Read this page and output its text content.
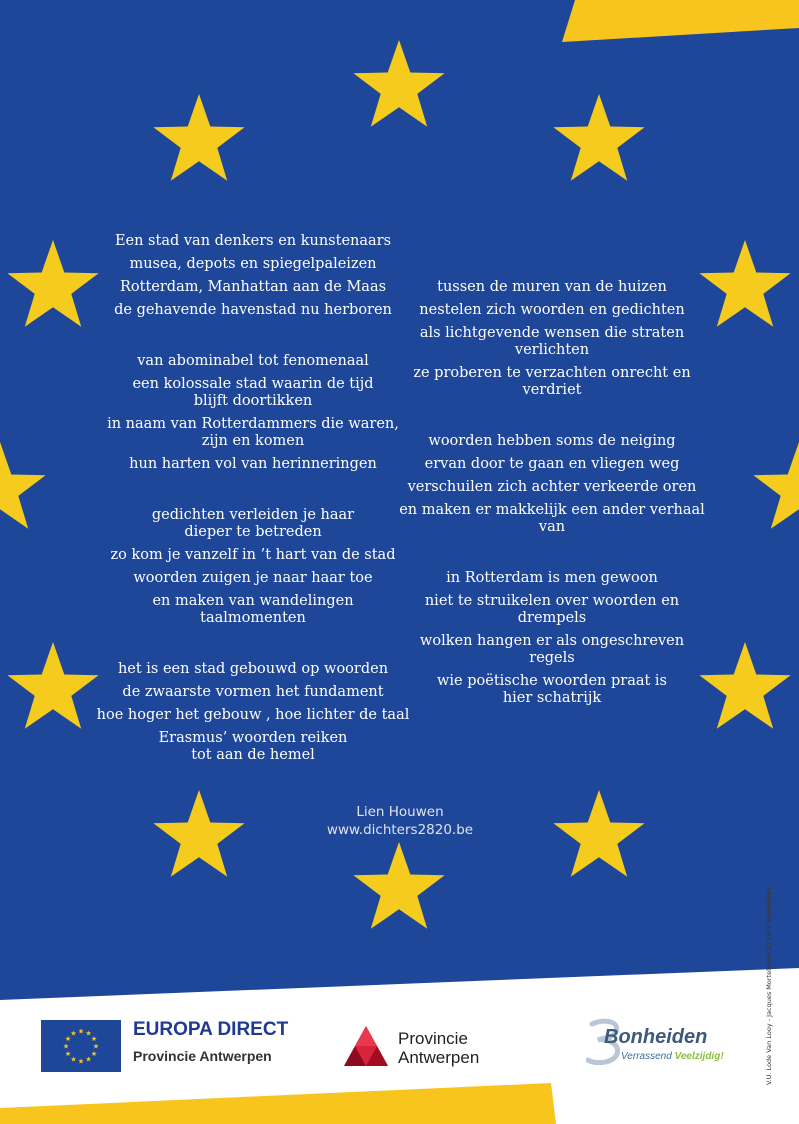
Een stad van denkers en kunstenaars
musea, depots en spiegelpaleizen
Rotterdam, Manhattan aan de Maas
de gehavende havenstad nu herboren
van abominabel tot fenomenaal
een kolossale stad waarin de tijd blijft doortikken
in naam van Rotterdammers die waren, zijn en komen
hun harten vol van herinneringen
gedichten verleiden je haar dieper te betreden
zo kom je vanzelf in ’t hart van de stad
woorden zuigen je naar haar toe
en maken van wandelingen taalmomenten
het is een stad gebouwd op woorden
de zwaarste vormen het fundament
hoe hoger het gebouw , hoe lichter de taal
Erasmus’ woorden reiken tot aan de hemel
tussen de muren van de huizen
nestelen zich woorden en gedichten
als lichtgevende wensen die straten verlichten
ze proberen te verzachten onrecht en verdriet
woorden hebben soms de neiging
ervan door te gaan en vliegen weg
verschuilen zich achter verkeerde oren
en maken er makkelijk een ander verhaal van
in Rotterdam is men gewoon
niet te struikelen over woorden en drempels
wolken hangen er als ongeschreven regels
wie poëtische woorden praat is hier schatrijk
Lien Houwen
www.dichters2820.be
V.U. Lode Van Looy - Jacques Mortelplein 10 2820 Bonheiden
★ ★
★
★
★
★
★
★
★
★
★
★	EUROPA DIRECT
Provincie Antwerpen
Provincie
Antwerpen
Bonheiden
Verrassend Veelzijdig!
